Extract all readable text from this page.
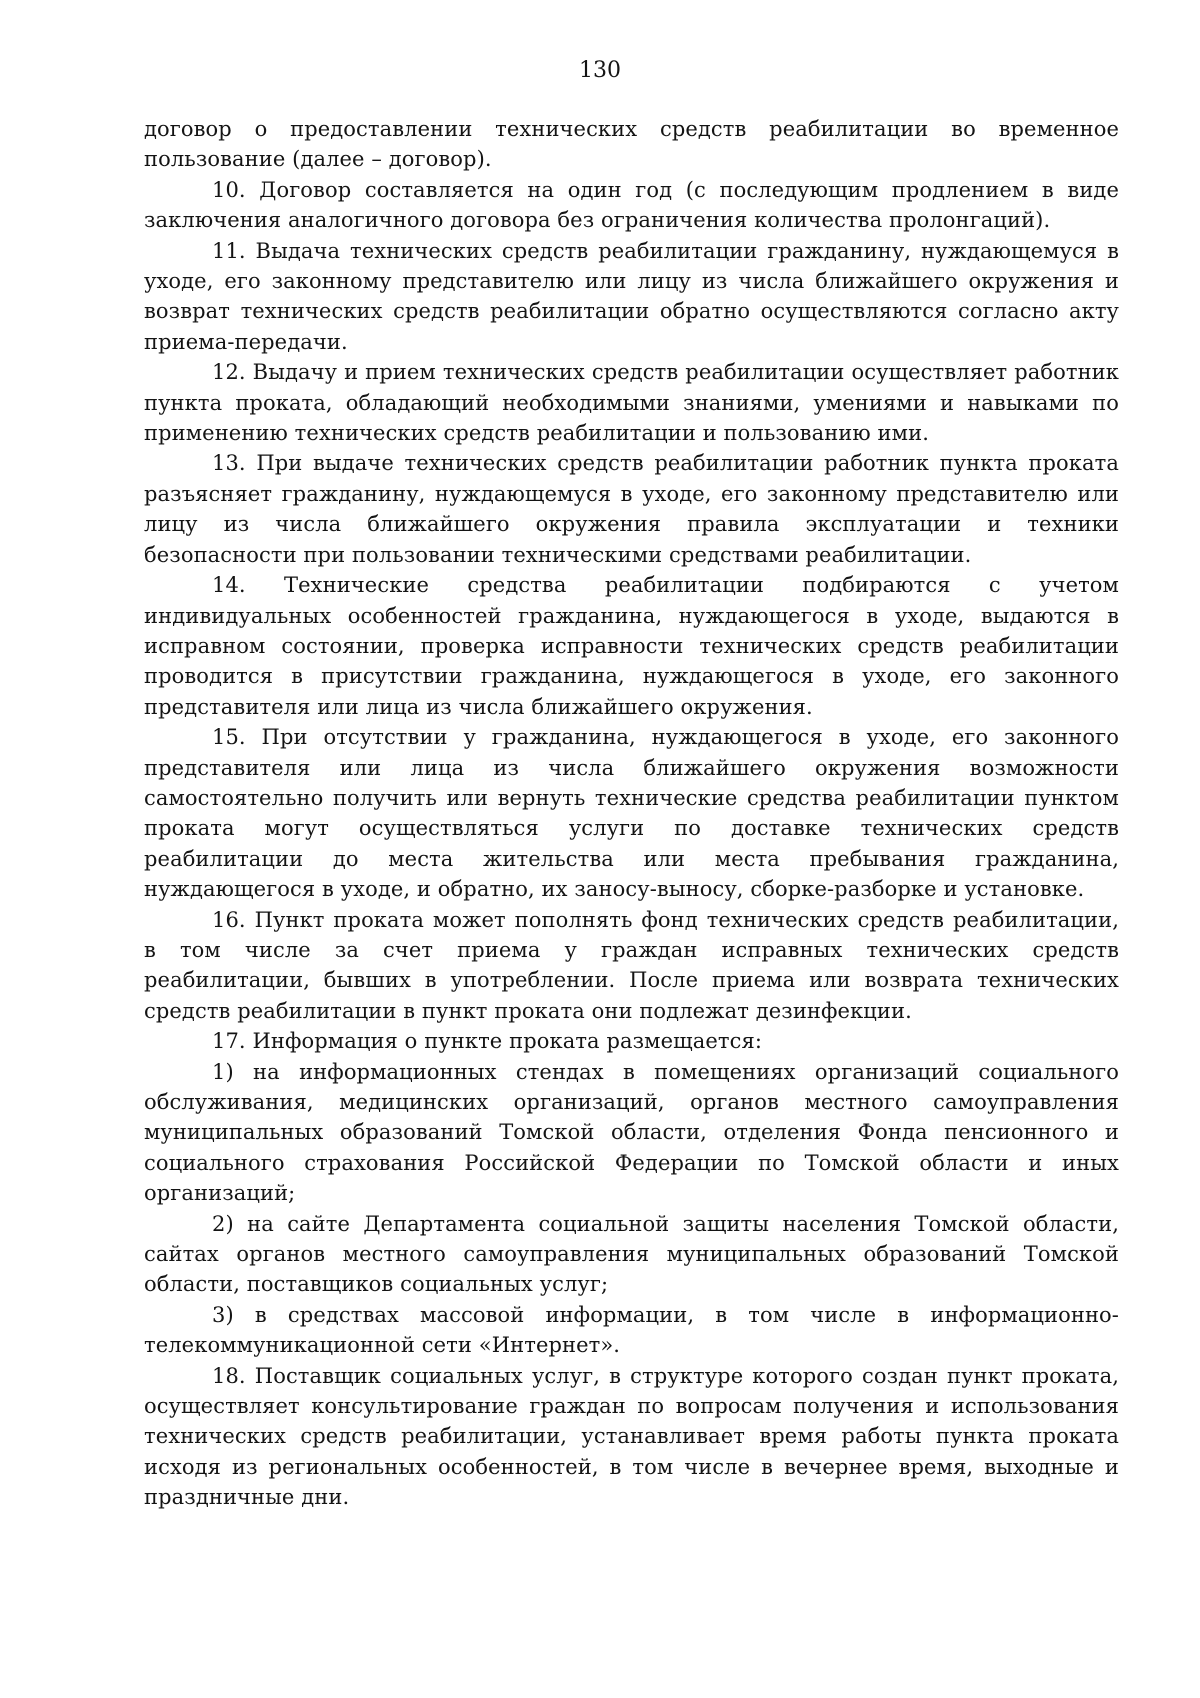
130

договор о предоставлении технических средств реабилитации во временное пользование (далее – договор).

10. Договор составляется на один год (с последующим продлением в виде заключения аналогичного договора без ограничения количества пролонгаций).

11. Выдача технических средств реабилитации гражданину, нуждающемуся в уходе, его законному представителю или лицу из числа ближайшего окружения и возврат технических средств реабилитации обратно осуществляются согласно акту приема-передачи.

12. Выдачу и прием технических средств реабилитации осуществляет работник пункта проката, обладающий необходимыми знаниями, умениями и навыками по применению технических средств реабилитации и пользованию ими.

13. При выдаче технических средств реабилитации работник пункта проката разъясняет гражданину, нуждающемуся в уходе, его законному представителю или лицу из числа ближайшего окружения правила эксплуатации и техники безопасности при пользовании техническими средствами реабилитации.

14. Технические средства реабилитации подбираются с учетом индивидуальных особенностей гражданина, нуждающегося в уходе, выдаются в исправном состоянии, проверка исправности технических средств реабилитации проводится в присутствии гражданина, нуждающегося в уходе, его законного представителя или лица из числа ближайшего окружения.

15. При отсутствии у гражданина, нуждающегося в уходе, его законного представителя или лица из числа ближайшего окружения возможности самостоятельно получить или вернуть технические средства реабилитации пунктом проката могут осуществляться услуги по доставке технических средств реабилитации до места жительства или места пребывания гражданина, нуждающегося в уходе, и обратно, их заносу-выносу, сборке-разборке и установке.

16. Пункт проката может пополнять фонд технических средств реабилитации, в том числе за счет приема у граждан исправных технических средств реабилитации, бывших в употреблении. После приема или возврата технических средств реабилитации в пункт проката они подлежат дезинфекции.

17. Информация о пункте проката размещается:

1) на информационных стендах в помещениях организаций социального обслуживания, медицинских организаций, органов местного самоуправления муниципальных образований Томской области, отделения Фонда пенсионного и социального страхования Российской Федерации по Томской области и иных организаций;

2) на сайте Департамента социальной защиты населения Томской области, сайтах органов местного самоуправления муниципальных образований Томской области, поставщиков социальных услуг;

3) в средствах массовой информации, в том числе в информационно-телекоммуникационной сети «Интернет».

18. Поставщик социальных услуг, в структуре которого создан пункт проката, осуществляет консультирование граждан по вопросам получения и использования технических средств реабилитации, устанавливает время работы пункта проката исходя из региональных особенностей, в том числе в вечернее время, выходные и праздничные дни.
